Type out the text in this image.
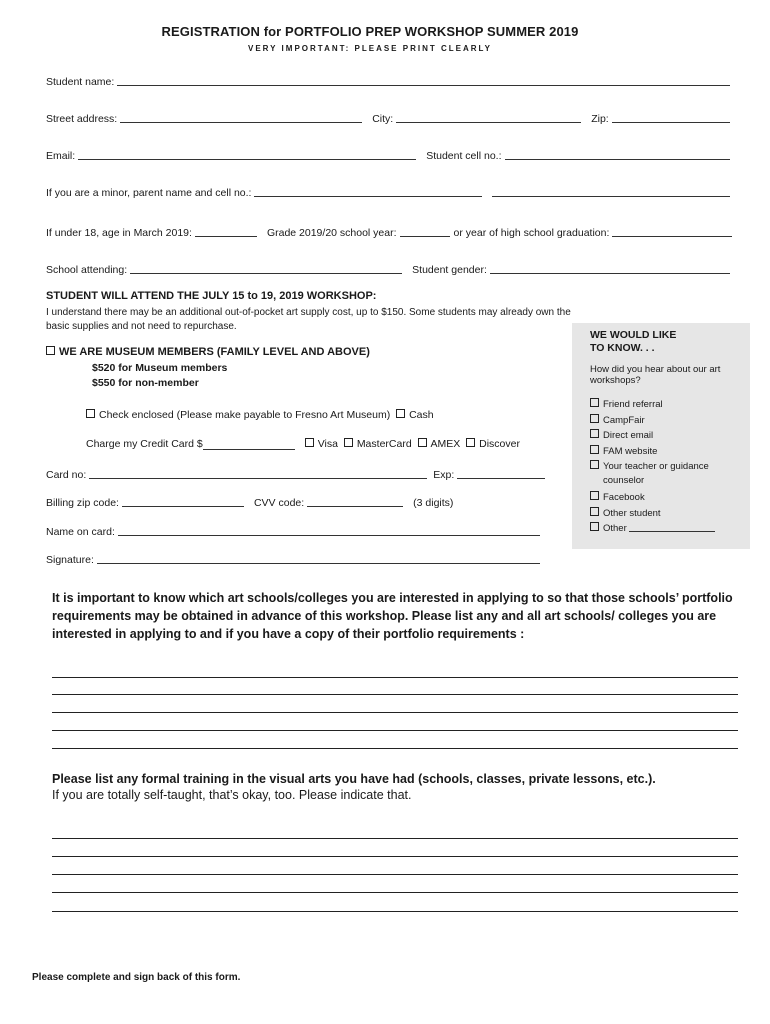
REGISTRATION for PORTFOLIO PREP WORKSHOP SUMMER 2019
VERY IMPORTANT: PLEASE PRINT CLEARLY
Student name:
Street address:	City:	Zip:
Email:	Student cell no.:
If you are a minor, parent name and cell no.:
If under 18, age in March 2019:	Grade 2019/20 school year:	or year of high school graduation:
School attending:	Student gender:
STUDENT WILL ATTEND THE JULY 15 to 19, 2019 WORKSHOP:
I understand there may be an additional out-of-pocket art supply cost, up to $150. Some students may already own the basic supplies and not need to repurchase.
WE ARE MUSEUM MEMBERS (FAMILY LEVEL AND ABOVE)
$520 for Museum members
$550 for non-member
Check enclosed (Please make payable to Fresno Art Museum) Cash
Charge my Credit Card $	Visa
	MasterCard
	AMEX
	Discover
Card no:	Exp:
Billing zip code:	CVV code:	(3 digits)
Name on card:
Signature:
WE WOULD LIKE
TO KNOW. . .
How did you hear about our art workshops?
Friend referral
CampFair
Direct email
FAM website
Your teacher or guidance
counselor
Facebook
Other student
Other
It is important to know which art schools/colleges you are interested in applying to so that those schools’ portfolio requirements may be obtained in advance of this workshop. Please list any and all art schools/ colleges you are interested in applying to and if you have a copy of their portfolio requirements :
Please list any formal training in the visual arts you have had (schools, classes, private lessons, etc.).
If you are totally self-taught, that’s okay, too. Please indicate that.
Please complete and sign back of this form.
